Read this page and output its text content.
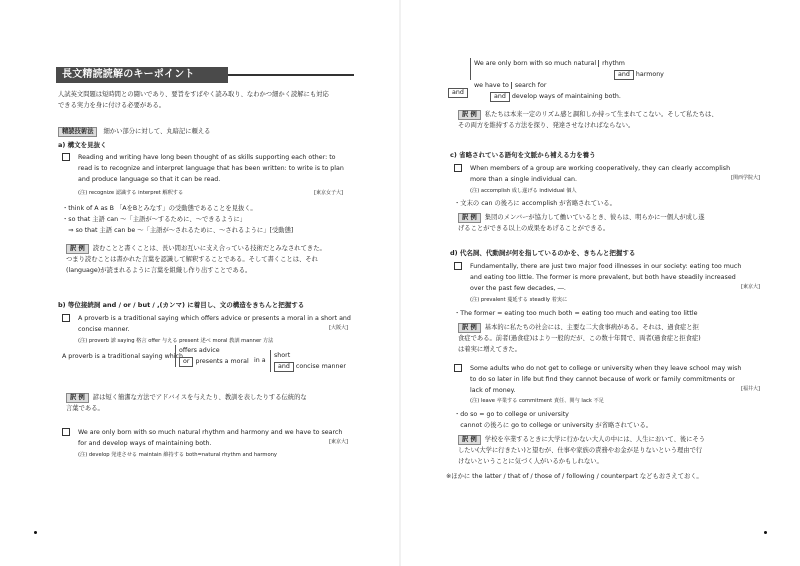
長文精読読解のキーポイント
人試英文問題は短時間との闘いであり、要旨をすばやく読み取り、なわかつ細かく読解にも対応
できる実力を身に付ける必要がある。
精読技術法 細かい部分に対して、丸暗記に頼える
a) 構文を見抜く
Reading and writing have long been thought of as skills supporting each other: to
read is to recognize and interpret language that has been written: to write is to plan
and produce language so that it can be read.
(注) recognize 認識する interpret 解釈する	[東京女子大]
・think of A as B 「AをBとみなす」の受動態であることを見抜く。
・so that 主語 can ～「主語が～するために、～できるように」
　⇒ so that 主語 can be ～「主語が～されるために、～されるように」[受動態]
訳 例 読むことと書くことは、長い間お互いに支え合っている技術だとみなされてきた。
つまり読むことは書かれた言葉を認識して解釈することである。そして書くことは、それ
(language)が読まれるように言葉を組織し作り出すことである。
b) 等位接続詞 and / or / but / ,(カンマ) に着目し、文の構造をきちんと把握する
A proverb is a traditional saying which offers advice or presents a moral in a short and
concise manner.	[大阪大]
(注) proverb 諺 saying 格言 offer 与える present 述べ moral 教訓 manner 方法
A proverb is a traditional saying which
offers advice
or presents a moral in a
short
and concise manner
訳 例 諺は短く簡潔な方法でアドバイスを与えたり、教訓を表したりする伝統的な
言葉である。
We are only born with so much natural rhythm and harmony and we have to search
for and develop ways of maintaining both.	[東京大]
(注) develop 発達させる maintain 維持する both=natural rhythm and harmony
We are only born with so much natural rhythm
and harmony
and
we have to search for
and develop ways of maintaining both.
訳 例 私たちは本来一定のリズム感と調和しか持って生まれてこない。そして私たちは、
その両方を維持する方法を探り、発達させなければならない。
c) 省略されている語句を文脈から補える力を養う
When members of a group are working cooperatively, they can clearly accomplish
more than a single individual can.	[関西学院大]
(注) accomplish 成し遂げる individual 個人
・文末の can の後ろに accomplish が省略されている。
訳 例 集団のメンバーが協力して働いているとき、彼らは、明らかに一個人が成し遂
げることができる以上の成果をあげることができる。
d) 代名詞、代動詞が何を指しているのかを、きちんと把握する
Fundamentally, there are just two major food illnesses in our society: eating too much
and eating too little. The former is more prevalent, but both have steadily increased
over the past few decades, ―.	[東京大]
(注) prevalent 蔓延する steadily 着実に
・The former = eating too much both = eating too much and eating too little
訳 例 基本的に私たちの社会には、主要な二大食事病がある。それは、過食症と拒
食症である。前者(過食症)はより一般的だが、この数十年間で、両者(過食症と拒食症)
は着実に増えてきた。
Some adults who do not get to college or university when they leave school may wish
to do so later in life but find they cannot because of work or family commitments or
lack of money.	[福井大]
(注) leave 卒業する commitment 責任、関与 lack 不足
・do so = go to college or university
　cannot の後ろに go to college or university が省略されている。
訳 例 学校を卒業するときに大学に行かない大人の中には、人生において、後にそう
したい(大学に行きたい)と望むが、仕事や家族の責務やお金が足りないという理由で行
けないということに気づく人がいるかもしれない。
※ほかに the latter / that of / those of / following / counterpart などもおさえておく。
